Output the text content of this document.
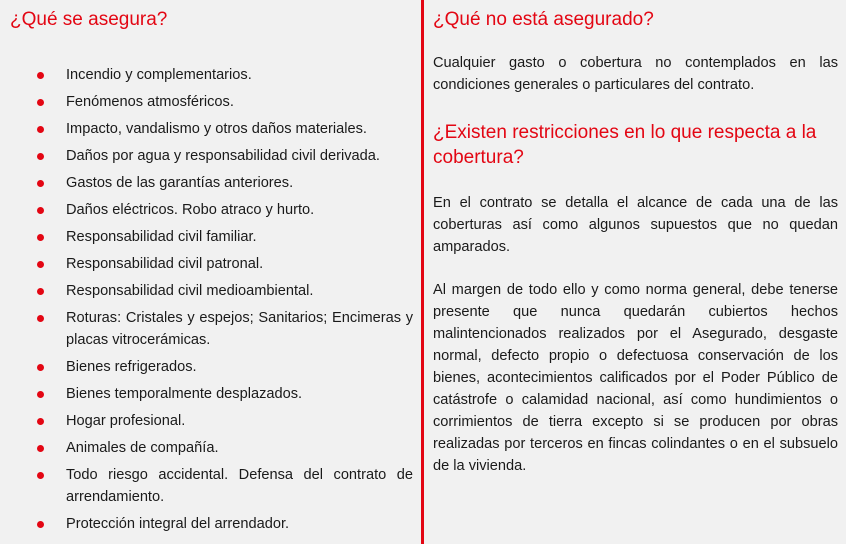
¿Qué se asegura?
Incendio y complementarios.
Fenómenos atmosféricos.
Impacto, vandalismo y otros daños materiales.
Daños por agua y responsabilidad civil derivada.
Gastos de las garantías anteriores.
Daños eléctricos. Robo atraco y hurto.
Responsabilidad civil familiar.
Responsabilidad civil patronal.
Responsabilidad civil medioambiental.
Roturas: Cristales y espejos; Sanitarios; Encimeras y placas vitrocerámicas.
Bienes refrigerados.
Bienes temporalmente desplazados.
Hogar profesional.
Animales de compañía.
Todo riesgo accidental. Defensa del contrato de arrendamiento.
Protección integral del arrendador.
¿Qué no está asegurado?

Cualquier gasto o cobertura no contemplados en las condiciones generales o particulares del contrato.

¿Existen restricciones en lo que respecta a la cobertura?

En el contrato se detalla el alcance de cada una de las coberturas así como algunos supuestos que no quedan amparados.

Al margen de todo ello y como norma general, debe tenerse presente que nunca quedarán cubiertos hechos malintencionados realizados por el Asegurado, desgaste normal, defecto propio o defectuosa conservación de los bienes, acontecimientos calificados por el Poder Público de catástrofe o calamidad nacional, así como hundimientos o corrimientos de tierra excepto si se producen por obras realizadas por terceros en fincas colindantes o en el subsuelo de la vivienda.
